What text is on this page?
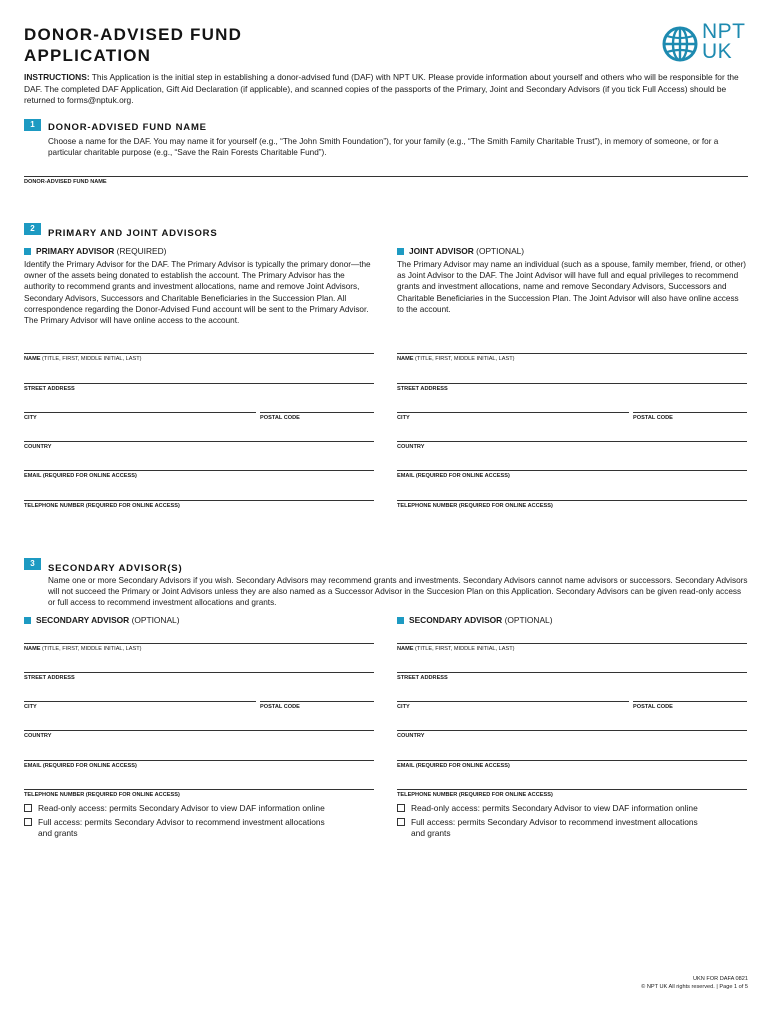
DONOR-ADVISED FUND
APPLICATION
NPT
UK
INSTRUCTIONS: This Application is the initial step in establishing a donor-advised fund (DAF) with NPT UK. Please provide information about yourself and others who will be responsible for the DAF. The completed DAF Application, Gift Aid Declaration (if applicable), and scanned copies of the passports of the Primary, Joint and Secondary Advisors (if you tick Full Access) should be returned to forms@nptuk.org.
1	DONOR-ADVISED FUND NAME
Choose a name for the DAF. You may name it for yourself (e.g., “The John Smith Foundation”), for your family (e.g., “The Smith Family Charitable Trust”), in memory of someone, or for a particular charitable purpose (e.g., “Save the Rain Forests Charitable Fund”).
DONOR-ADVISED FUND NAME
2	PRIMARY AND JOINT ADVISORS
PRIMARY ADVISOR (REQUIRED)
Identify the Primary Advisor for the DAF. The Primary Advisor is typically the primary donor—the owner of the assets being donated to establish the account. The Primary Advisor has the authority to recommend grants and investment allocations, name and remove Joint Advisors, Secondary Advisors, Successors and Charitable Beneficiaries in the Succession Plan. All correspondence regarding the Donor-Advised Fund account will be sent to the Primary Advisor. The Primary Advisor will have online access to the account.
JOINT ADVISOR (OPTIONAL)
The Primary Advisor may name an individual (such as a spouse, family member, friend, or other) as Joint Advisor to the DAF. The Joint Advisor will have full and equal privileges to recommend grants and investment allocations, name and remove Secondary Advisors, Successors and Charitable Beneficiaries in the Succession Plan. The Joint Advisor will also have online access to the account.
NAME (TITLE, FIRST, MIDDLE INITIAL, LAST)
STREET ADDRESS
CITY	POSTAL CODE
COUNTRY
EMAIL (REQUIRED FOR ONLINE ACCESS)
TELEPHONE NUMBER (REQUIRED FOR ONLINE ACCESS)
NAME (TITLE, FIRST, MIDDLE INITIAL, LAST)
STREET ADDRESS
CITY	POSTAL CODE
COUNTRY
EMAIL (REQUIRED FOR ONLINE ACCESS)
TELEPHONE NUMBER (REQUIRED FOR ONLINE ACCESS)
3	SECONDARY ADVISOR(S)
Name one or more Secondary Advisors if you wish. Secondary Advisors may recommend grants and investments. Secondary Advisors cannot name advisors or successors. Secondary Advisors will not succeed the Primary or Joint Advisors unless they are also named as a Successor Advisor in the Succesion Plan on this Application. Secondary Advisors can be given read-only access or full access to recommend investment allocations and grants.
SECONDARY ADVISOR (OPTIONAL)	SECONDARY ADVISOR (OPTIONAL)
NAME (TITLE, FIRST, MIDDLE INITIAL, LAST)
STREET ADDRESS
CITY	POSTAL CODE
COUNTRY
EMAIL (REQUIRED FOR ONLINE ACCESS)
TELEPHONE NUMBER (REQUIRED FOR ONLINE ACCESS)
NAME (TITLE, FIRST, MIDDLE INITIAL, LAST)
STREET ADDRESS
CITY	POSTAL CODE
COUNTRY
EMAIL (REQUIRED FOR ONLINE ACCESS)
TELEPHONE NUMBER (REQUIRED FOR ONLINE ACCESS)
Read-only access: permits Secondary Advisor to view DAF information online
Full access: permits Secondary Advisor to recommend investment allocations and grants
Read-only access: permits Secondary Advisor to view DAF information online
Full access: permits Secondary Advisor to recommend investment allocations and grants
UKN FOR DAFA 0821
© NPT UK All rights reserved. | Page 1 of 5
